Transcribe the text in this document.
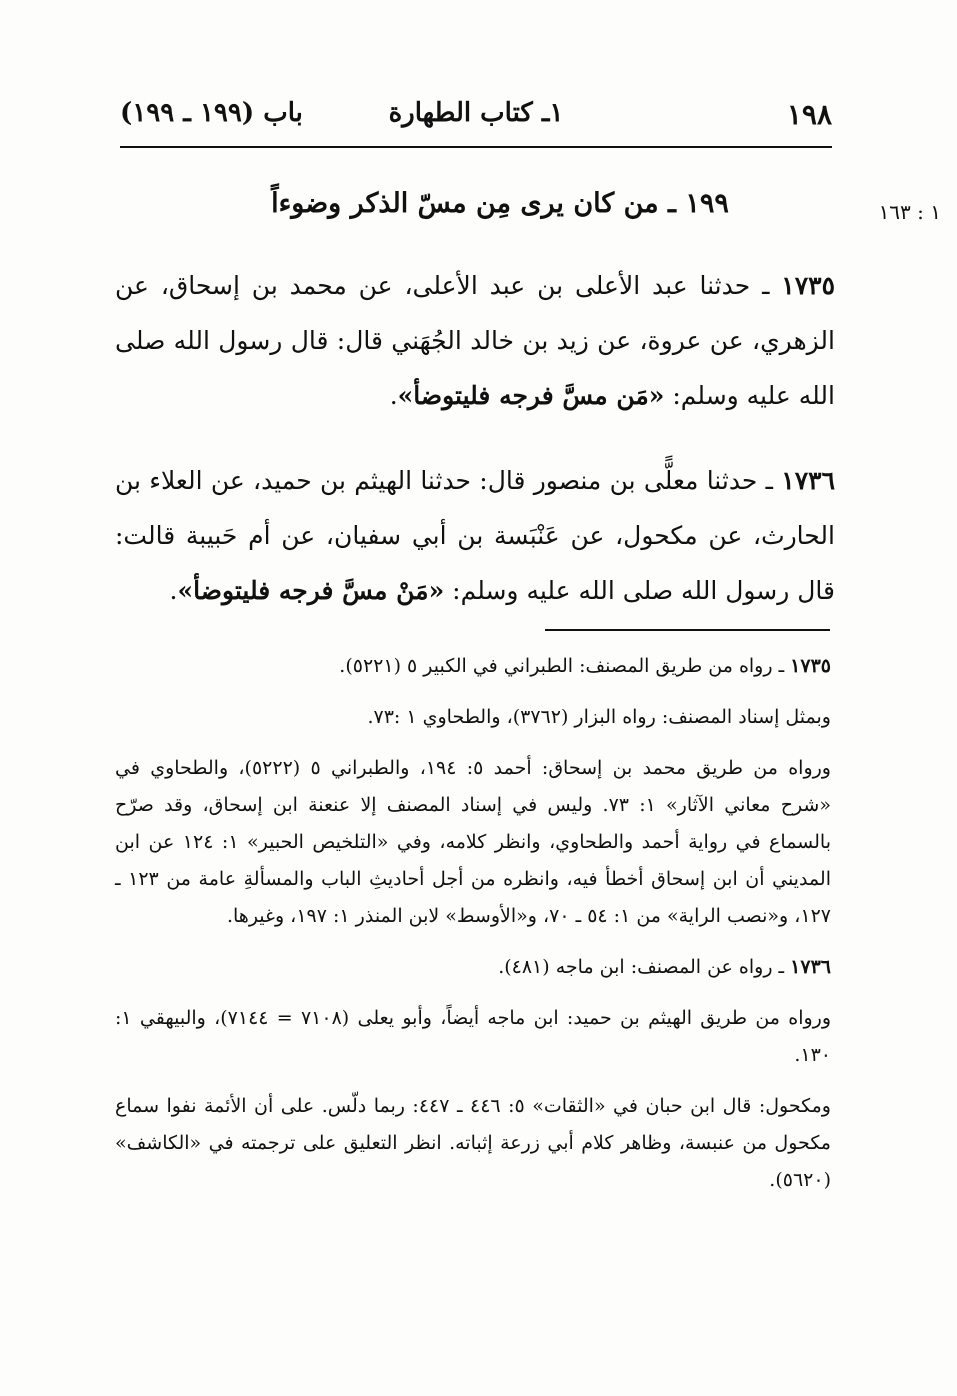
١٩٨
١ـ كتاب الطهارة
باب (١٩٩ ـ ١٩٩)
١ : ١٦٣
١٩٩ ـ من كان يرى مِن مسّ الذكر وضوءاً

١٧٣٥ ـ حدثنا عبد الأعلى بن عبد الأعلى، عن محمد بن إسحاق، عن الزهري، عن عروة، عن زيد بن خالد الجُهَني قال: قال رسول الله صلى الله عليه وسلم: «مَن مسَّ فرجه فليتوضأ».

١٧٣٦ ـ حدثنا معلًّى بن منصور قال: حدثنا الهيثم بن حميد، عن العلاء بن الحارث، عن مكحول، عن عَنْبَسة بن أبي سفيان، عن أم حَبيبة قالت: قال رسول الله صلى الله عليه وسلم: «مَنْ مسَّ فرجه فليتوضأ».

١٧٣٥ ـ رواه من طريق المصنف: الطبراني في الكبير ٥ (٥٢٢١).

وبمثل إسناد المصنف: رواه البزار (٣٧٦٢)، والطحاوي ١ :٧٣.

ورواه من طريق محمد بن إسحاق: أحمد ٥: ١٩٤، والطبراني ٥ (٥٢٢٢)، والطحاوي في «شرح معاني الآثار» ١: ٧٣. وليس في إسناد المصنف إلا عنعنة ابن إسحاق، وقد صرّح بالسماع في رواية أحمد والطحاوي، وانظر كلامه، وفي «التلخيص الحبير» ١: ١٢٤ عن ابن المديني أن ابن إسحاق أخطأ فيه، وانظره من أجل أحاديثِ الباب والمسألةِ عامة من ١٢٣ ـ ١٢٧، و«نصب الراية» من ١: ٥٤ ـ ٧٠، و«الأوسط» لابن المنذر ١: ١٩٧، وغيرها.

١٧٣٦ ـ رواه عن المصنف: ابن ماجه (٤٨١).

ورواه من طريق الهيثم بن حميد: ابن ماجه أيضاً، وأبو يعلى (٧١٠٨ = ٧١٤٤)، والبيهقي ١: ١٣٠.

ومكحول: قال ابن حبان في «الثقات» ٥: ٤٤٦ ـ ٤٤٧: ربما دلّس. على أن الأئمة نفوا سماع مكحول من عنبسة، وظاهر كلام أبي زرعة إثباته. انظر التعليق على ترجمته في «الكاشف» (٥٦٢٠).
